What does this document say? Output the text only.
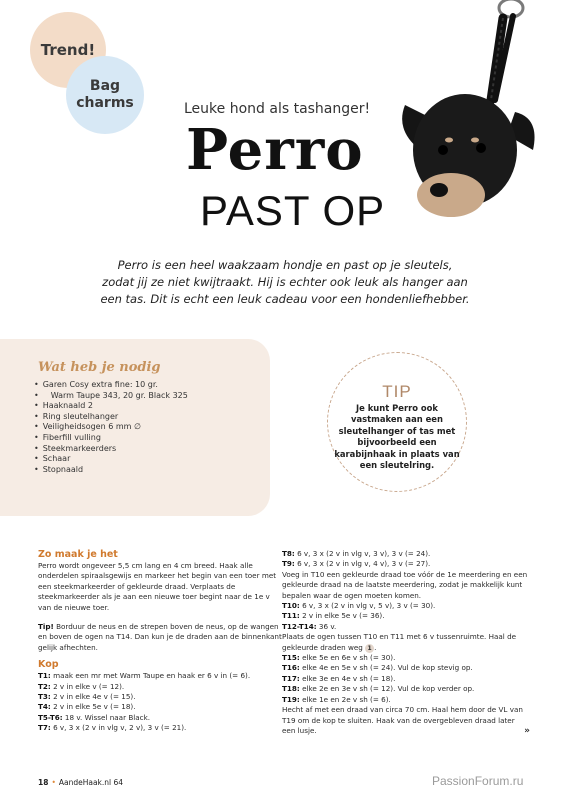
Trend!
Bag
charms	Leuke hond als tashanger!
Perro
PAST OP
Perro is een heel waakzaam hondje en past op je sleutels, zodat jij ze niet kwijtraakt. Hij is echter ook leuk als hanger aan een tas. Dit is echt een leuk cadeau voor een hondenliefhebber.
Wat heb je nodig
• Garen Cosy extra fine: 10 gr.
• Warm Taupe 343, 20 gr. Black 325
• Haaknaald 2
• Ring sleutelhanger
• Veiligheidsogen 6 mm ∅
• Fiberfill vulling
• Steekmarkeerders
• Schaar
• Stopnaald
TIP
Je kunt Perro ook vastmaken aan een sleutelhanger of tas met bijvoorbeeld een karabijnhaak in plaats van een sleutelring.

Zo maak je het

Perro wordt ongeveer 5,5 cm lang en 4 cm breed. Haak alle onderdelen spiraalsgewijs en markeer het begin van een toer met een steekmarkeerder of gekleurde draad. Verplaats de steekmarkeerder als je aan een nieuwe toer begint naar de 1e v van de nieuwe toer.

Tip! Borduur de neus en de strepen boven de neus, op de wangen en boven de ogen na T14. Dan kun je de draden aan de binnenkant gelijk afhechten.

Kop

T1: maak een mr met Warm Taupe en haak er 6 v in (= 6).

T2: 2 v in elke v (= 12).

T3: 2 v in elke 4e v (= 15).

T4: 2 v in elke 5e v (= 18).

T5-T6: 18 v. Wissel naar Black.

T7: 6 v, 3 x (2 v in vlg v, 2 v), 3 v (= 21).

T8: 6 v, 3 x (2 v in vlg v, 3 v), 3 v (= 24).

T9: 6 v, 3 x (2 v in vlg v, 4 v), 3 v (= 27).

Voeg in T10 een gekleurde draad toe vóór de 1e meerdering en een gekleurde draad na de laatste meerdering, zodat je makkelijk kunt bepalen waar de ogen moeten komen.

T10: 6 v, 3 x (2 v in vlg v, 5 v), 3 v (= 30).

T11: 2 v in elke 5e v (= 36).

T12-T14: 36 v.

Plaats de ogen tussen T10 en T11 met 6 v tussenruimte. Haal de gekleurde draden weg 1 .

T15: elke 5e en 6e v sh (= 30).

T16: elke 4e en 5e v sh (= 24). Vul de kop stevig op.

T17: elke 3e en 4e v sh (= 18).

T18: elke 2e en 3e v sh (= 12). Vul de kop verder op.

T19: elke 1e en 2e v sh (= 6).

Hecht af met een draad van circa 70 cm. Haal hem door de VL van T19 om de kop te sluiten. Haak van de overgebleven draad later een lusje.	»

18 • AandeHaak.nl 64	PassionForum.ru
